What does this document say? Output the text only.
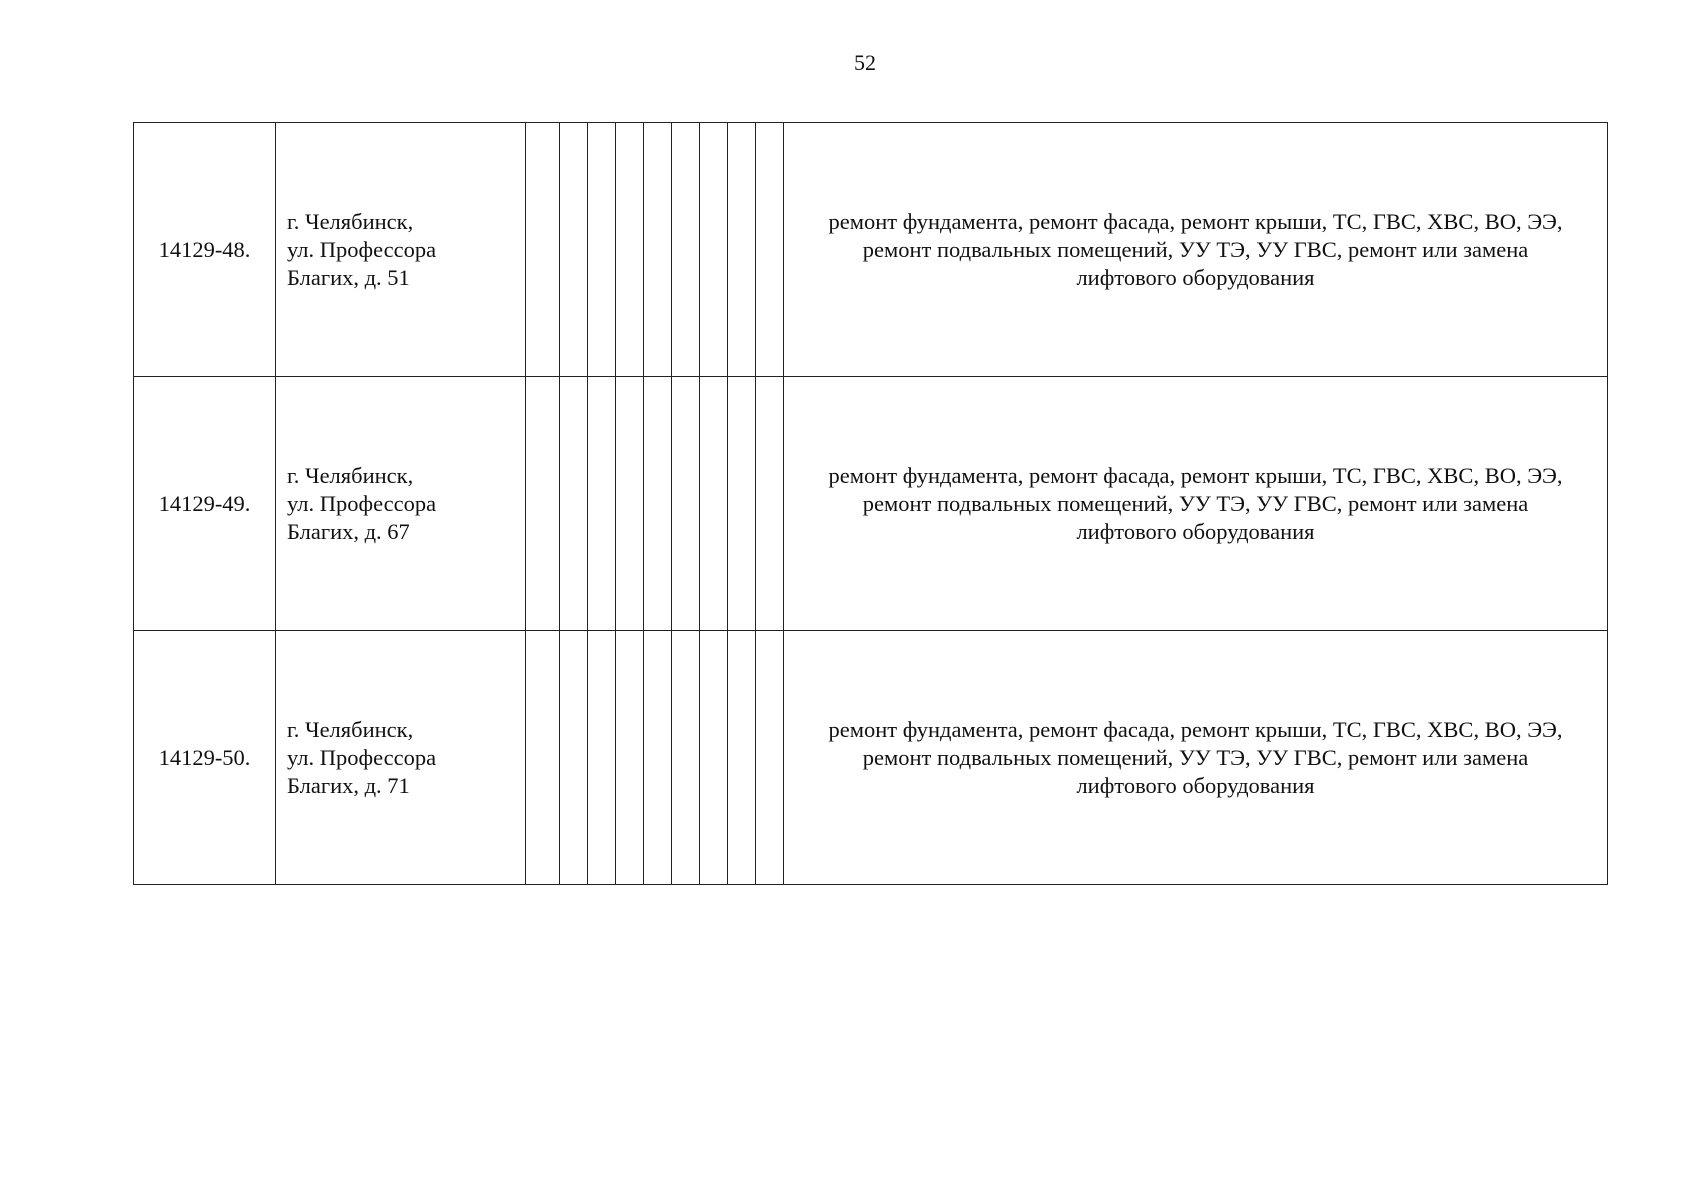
52
14129-48.	г. Челябинск,
ул. Профессора
Благих, д. 51										ремонт фундамента, ремонт фасада, ремонт крыши, ТС, ГВС, ХВС, ВО, ЭЭ,
ремонт подвальных помещений, УУ ТЭ, УУ ГВС, ремонт или замена
лифтового оборудования

14129-49.	г. Челябинск,
ул. Профессора
Благих, д. 67										ремонт фундамента, ремонт фасада, ремонт крыши, ТС, ГВС, ХВС, ВО, ЭЭ,
ремонт подвальных помещений, УУ ТЭ, УУ ГВС, ремонт или замена
лифтового оборудования

14129-50.	г. Челябинск,
ул. Профессора
Благих, д. 71										ремонт фундамента, ремонт фасада, ремонт крыши, ТС, ГВС, ХВС, ВО, ЭЭ,
ремонт подвальных помещений, УУ ТЭ, УУ ГВС, ремонт или замена
лифтового оборудования
